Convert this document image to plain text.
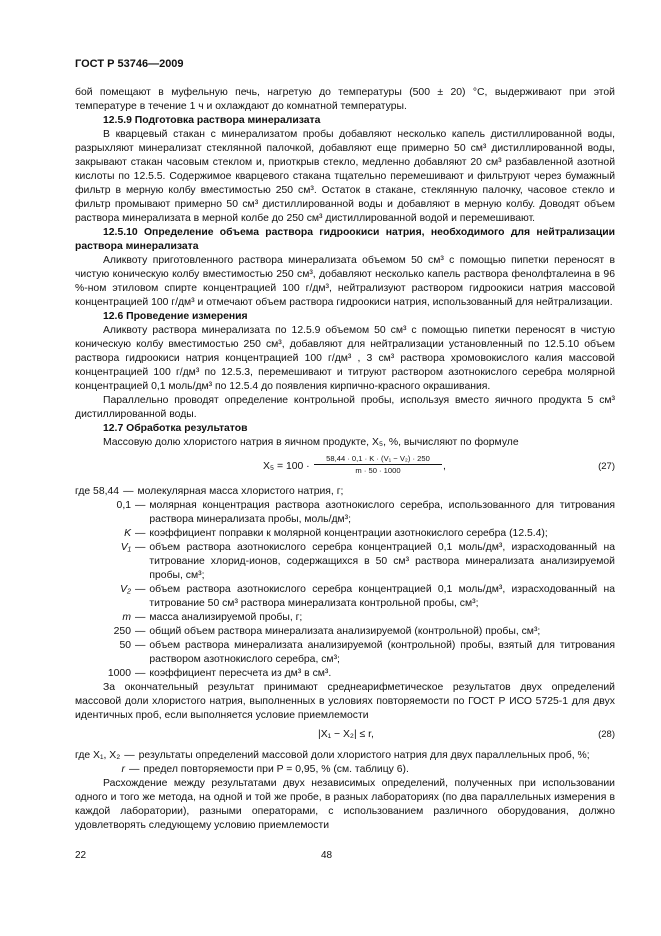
ГОСТ Р 53746—2009

бой помещают в муфельную печь, нагретую до температуры (500 ± 20) °С, выдерживают при этой температуре в течение 1 ч и охлаждают до комнатной температуры.

12.5.9 Подготовка раствора минерализата

В кварцевый стакан с минерализатом пробы добавляют несколько капель дистиллированной воды, разрыхляют минерализат стеклянной палочкой, добавляют еще примерно 50 см³ дистиллированной воды, закрывают стакан часовым стеклом и, приоткрыв стекло, медленно добавляют 20 см³ разбавленной азотной кислоты по 12.5.5. Содержимое кварцевого стакана тщательно перемешивают и фильтруют через бумажный фильтр в мерную колбу вместимостью 250 см³. Остаток в стакане, стеклянную палочку, часовое стекло и фильтр промывают примерно 50 см³ дистиллированной воды и добавляют в мерную колбу. Доводят объем раствора минерализата в мерной колбе до 250 см³ дистиллированной водой и перемешивают.

12.5.10 Определение объема раствора гидроокиси натрия, необходимого для нейтрализации раствора минерализата

Аликвоту приготовленного раствора минерализата объемом 50 см³ с помощью пипетки переносят в чистую коническую колбу вместимостью 250 см³, добавляют несколько капель раствора фенолфталеина в 96 %-ном этиловом спирте концентрацией 100 г/дм³, нейтрализуют раствором гидроокиси натрия массовой концентрацией 100 г/дм³ и отмечают объем раствора гидроокиси натрия, использованный для нейтрализации.

12.6 Проведение измерения

Аликвоту раствора минерализата по 12.5.9 объемом 50 см³ с помощью пипетки переносят в чистую коническую колбу вместимостью 250 см³, добавляют для нейтрализации установленный по 12.5.10 объем раствора гидроокиси натрия концентрацией 100 г/дм³ , 3 см³ раствора хромовокислого калия массовой концентрацией 100 г/дм³ по 12.5.3, перемешивают и титруют раствором азотнокислого серебра молярной концентрацией 0,1 моль/дм³ по 12.5.4 до появления кирпично-красного окрашивания.

Параллельно проводят определение контрольной пробы, используя вместо яичного продукта 5 см³ дистиллированной воды.

12.7 Обработка результатов

Массовую долю хлористого натрия в яичном продукте, X₅, %, вычисляют по формуле

$X_5 = 100 \cdot \frac{\text{58,44 · 0,1 · K · (V₁ − V₂) · 250}}{m \cdot 50 \cdot 1000}$ ,	(27)
где 58,44 — молекулярная масса хлористого натрия, г;
0,1 — молярная концентрация раствора азотнокислого серебра, использованного для титрования раствора минерализата пробы, моль/дм³;
K — коэффициент поправки к молярной концентрации азотнокислого серебра (12.5.4);
V₁ — объем раствора азотнокислого серебра концентрацией 0,1 моль/дм³, израсходованный на титрование хлорид-ионов, содержащихся в 50 см³ раствора минерализата анализируемой пробы, см³;
V₂ — объем раствора азотнокислого серебра концентрацией 0,1 моль/дм³, израсходованный на титрование 50 см³ раствора минерализата контрольной пробы, см³;
m — масса анализируемой пробы, г;
250 — общий объем раствора минерализата анализируемой (контрольной) пробы, см³;
50 — объем раствора минерализата анализируемой (контрольной) пробы, взятый для титрования раствором азотнокислого серебра, см³;
1000 — коэффициент пересчета из дм³ в см³.

За окончательный результат принимают среднеарифметическое результатов двух определений массовой доли хлористого натрия, выполненных в условиях повторяемости по ГОСТ Р ИСО 5725-1 для двух идентичных проб, если выполняется условие приемлемости

|X₁ − X₂| ≤ r,	(28)
где X₁, X₂ — результаты определений массовой доли хлористого натрия для двух параллельных проб, %;
r — предел повторяемости при P = 0,95, % (см. таблицу 6).

Расхождение между результатами двух независимых определений, полученных при использовании одного и того же метода, на одной и той же пробе, в разных лабораториях (по два параллельных измерения в каждой лаборатории), разными операторами, с использованием различного оборудования, должно удовлетворять следующему условию приемлемости

22	48
